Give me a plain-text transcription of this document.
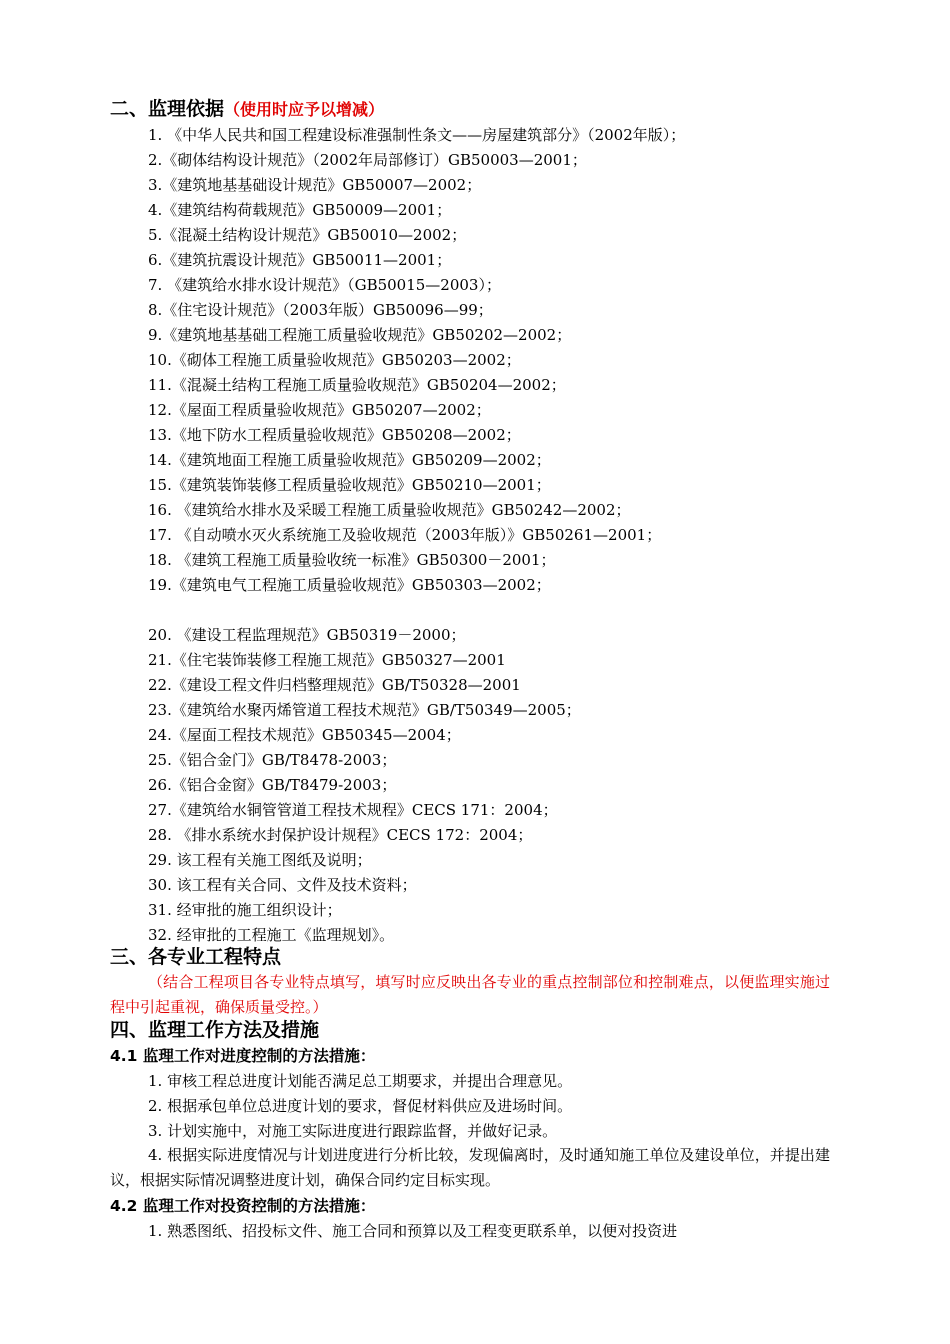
二、监理依据（使用时应予以增减）
1. 《中华人民共和国工程建设标准强制性条文——房屋建筑部分》（2002年版）；
2.《砌体结构设计规范》（2002年局部修订）GB50003—2001；
3.《建筑地基基础设计规范》GB50007—2002；
4.《建筑结构荷载规范》GB50009—2001；
5.《混凝土结构设计规范》GB50010—2002；
6.《建筑抗震设计规范》GB50011—2001；
7. 《建筑给水排水设计规范》（GB50015—2003）；
8.《住宅设计规范》（2003年版）GB50096—99；
9.《建筑地基基础工程施工质量验收规范》GB50202—2002；
10.《砌体工程施工质量验收规范》GB50203—2002；
11.《混凝土结构工程施工质量验收规范》GB50204—2002；
12.《屋面工程质量验收规范》GB50207—2002；
13.《地下防水工程质量验收规范》GB50208—2002；
14.《建筑地面工程施工质量验收规范》GB50209—2002；
15.《建筑装饰装修工程质量验收规范》GB50210—2001；
16. 《建筑给水排水及采暖工程施工质量验收规范》GB50242—2002；
17. 《自动喷水灭火系统施工及验收规范（2003年版）》GB50261—2001；
18. 《建筑工程施工质量验收统一标准》GB50300－2001；
19.《建筑电气工程施工质量验收规范》GB50303—2002；
20. 《建设工程监理规范》GB50319－2000；
21.《住宅装饰装修工程施工规范》GB50327—2001
22.《建设工程文件归档整理规范》GB/T50328—2001
23.《建筑给水聚丙烯管道工程技术规范》GB/T50349—2005；
24.《屋面工程技术规范》GB50345—2004；
25.《铝合金门》GB/T8478-2003；
26.《铝合金窗》GB/T8479-2003；
27.《建筑给水铜管管道工程技术规程》CECS 171：2004；
28. 《排水系统水封保护设计规程》CECS 172：2004；
29. 该工程有关施工图纸及说明；
30. 该工程有关合同、文件及技术资料；
31. 经审批的施工组织设计；
32. 经审批的工程施工《监理规划》。
三、各专业工程特点
（结合工程项目各专业特点填写，填写时应反映出各专业的重点控制部位和控制难点，以便监理实施过程中引起重视，确保质量受控。）
四、监理工作方法及措施
4.1 监理工作对进度控制的方法措施：
1. 审核工程总进度计划能否满足总工期要求，并提出合理意见。
2. 根据承包单位总进度计划的要求，督促材料供应及进场时间。
3. 计划实施中，对施工实际进度进行跟踪监督，并做好记录。
4. 根据实际进度情况与计划进度进行分析比较，发现偏离时，及时通知施工单位及建设单位，并提出建议，根据实际情况调整进度计划，确保合同约定目标实现。
4.2 监理工作对投资控制的方法措施：
1. 熟悉图纸、招投标文件、施工合同和预算以及工程变更联系单，以便对投资进
